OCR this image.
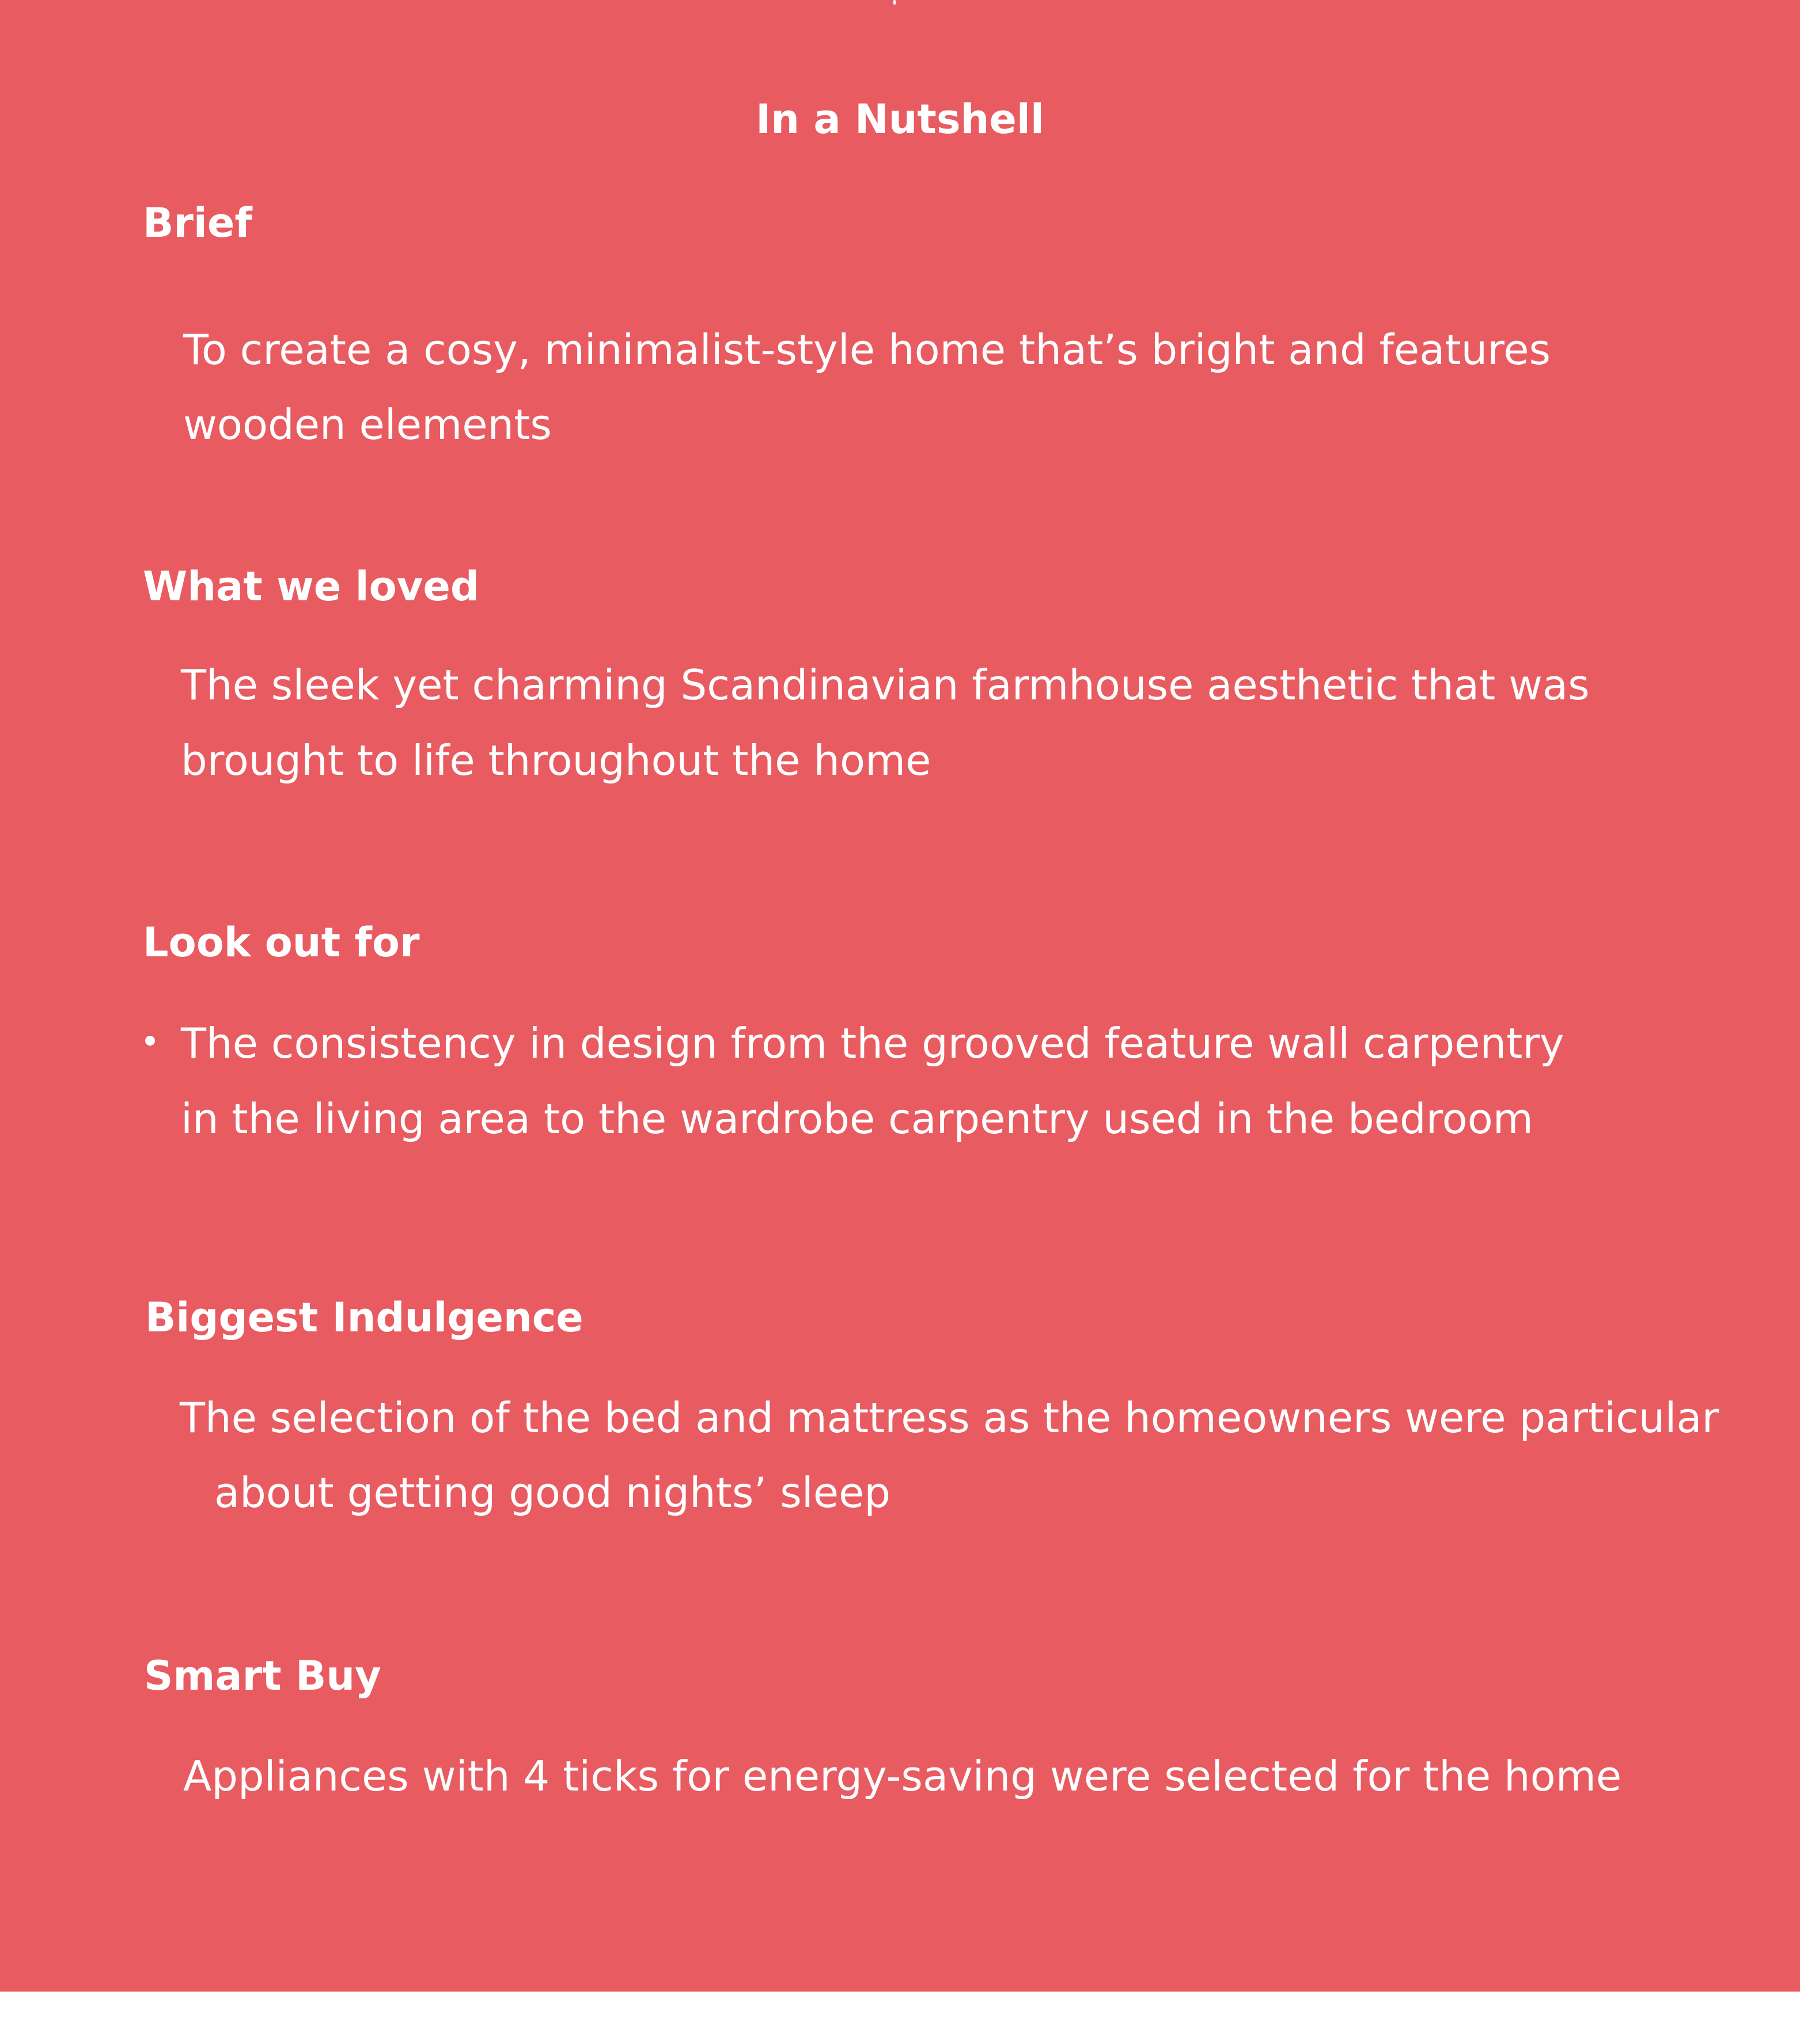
In a Nutshell
Brief

To create a cosy, minimalist-style home that’s bright and features

wooden elements

What we loved

The sleek yet charming Scandinavian farmhouse aesthetic that was

brought to life throughout the home

Look out for

The consistency in design from the grooved feature wall carpentry

in the living area to the wardrobe carpentry used in the bedroom

Biggest Indulgence

The selection of the bed and mattress as the homeowners were particular

about getting good nights’ sleep

Smart Buy

Appliances with 4 ticks for energy-saving were selected for the home
